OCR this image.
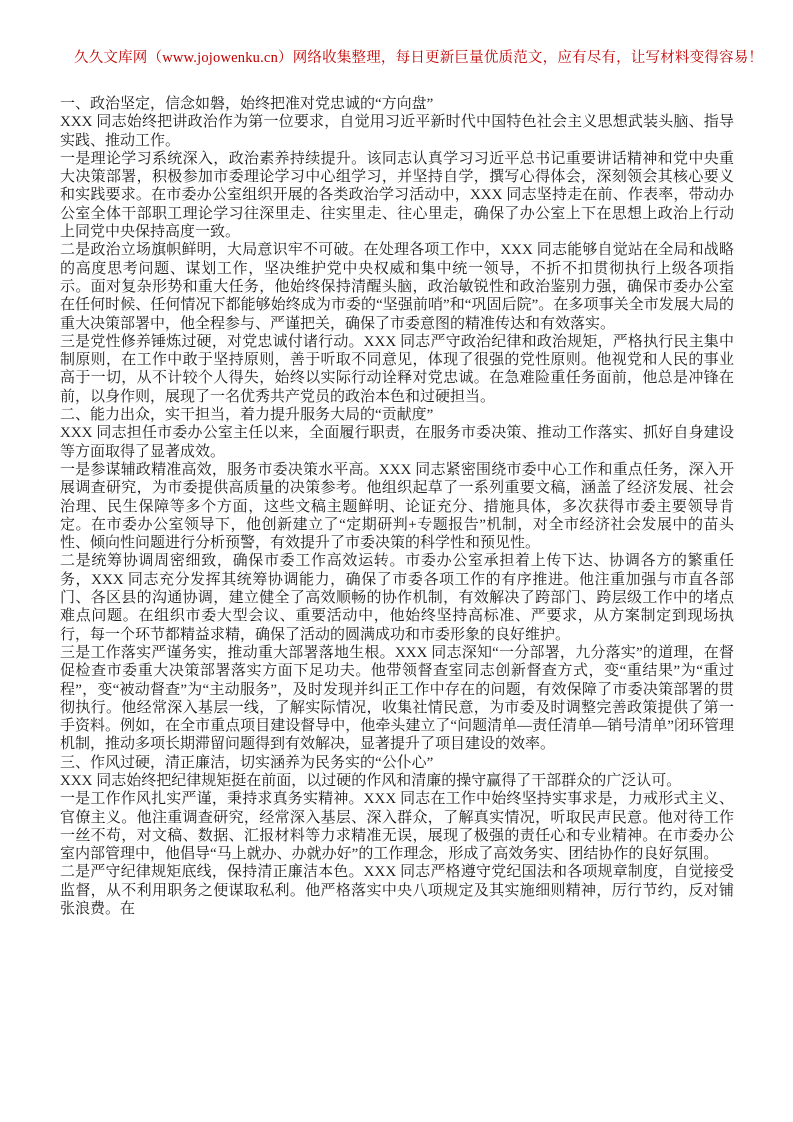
久久文库网（www.jojowenku.cn）网络收集整理，每日更新巨量优质范文，应有尽有，让写材料变得容易！

一、政治坚定，信念如磐，始终把准对党忠诚的“方向盘”

XXX 同志始终把讲政治作为第一位要求，自觉用习近平新时代中国特色社会主义思想武装头脑、指导实践、推动工作。

一是理论学习系统深入，政治素养持续提升。该同志认真学习习近平总书记重要讲话精神和党中央重大决策部署，积极参加市委理论学习中心组学习，并坚持自学，撰写心得体会，深刻领会其核心要义和实践要求。在市委办公室组织开展的各类政治学习活动中，XXX 同志坚持走在前、作表率，带动办公室全体干部职工理论学习往深里走、往实里走、往心里走，确保了办公室上下在思想上政治上行动上同党中央保持高度一致。

二是政治立场旗帜鲜明，大局意识牢不可破。在处理各项工作中，XXX 同志能够自觉站在全局和战略的高度思考问题、谋划工作，坚决维护党中央权威和集中统一领导，不折不扣贯彻执行上级各项指示。面对复杂形势和重大任务，他始终保持清醒头脑，政治敏锐性和政治鉴别力强，确保市委办公室在任何时候、任何情况下都能够始终成为市委的“坚强前哨”和“巩固后院”。在多项事关全市发展大局的重大决策部署中，他全程参与、严谨把关，确保了市委意图的精准传达和有效落实。

三是党性修养锤炼过硬，对党忠诚付诸行动。XXX 同志严守政治纪律和政治规矩，严格执行民主集中制原则，在工作中敢于坚持原则，善于听取不同意见，体现了很强的党性原则。他视党和人民的事业高于一切，从不计较个人得失，始终以实际行动诠释对党忠诚。在急难险重任务面前，他总是冲锋在前，以身作则，展现了一名优秀共产党员的政治本色和过硬担当。

二、能力出众，实干担当，着力提升服务大局的“贡献度”

XXX 同志担任市委办公室主任以来，全面履行职责，在服务市委决策、推动工作落实、抓好自身建设等方面取得了显著成效。

一是参谋辅政精准高效，服务市委决策水平高。XXX 同志紧密围绕市委中心工作和重点任务，深入开展调查研究，为市委提供高质量的决策参考。他组织起草了一系列重要文稿，涵盖了经济发展、社会治理、民生保障等多个方面，这些文稿主题鲜明、论证充分、措施具体，多次获得市委主要领导肯定。在市委办公室领导下，他创新建立了“定期研判+专题报告”机制，对全市经济社会发展中的苗头性、倾向性问题进行分析预警，有效提升了市委决策的科学性和预见性。

二是统筹协调周密细致，确保市委工作高效运转。市委办公室承担着上传下达、协调各方的繁重任务，XXX 同志充分发挥其统筹协调能力，确保了市委各项工作的有序推进。他注重加强与市直各部门、各区县的沟通协调，建立健全了高效顺畅的协作机制，有效解决了跨部门、跨层级工作中的堵点难点问题。在组织市委大型会议、重要活动中，他始终坚持高标准、严要求，从方案制定到现场执行，每一个环节都精益求精，确保了活动的圆满成功和市委形象的良好维护。

三是工作落实严谨务实，推动重大部署落地生根。XXX 同志深知“一分部署，九分落实”的道理，在督促检查市委重大决策部署落实方面下足功夫。他带领督查室同志创新督查方式，变“重结果”为“重过程”，变“被动督查”为“主动服务”，及时发现并纠正工作中存在的问题，有效保障了市委决策部署的贯彻执行。他经常深入基层一线，了解实际情况，收集社情民意，为市委及时调整完善政策提供了第一手资料。例如，在全市重点项目建设督导中，他牵头建立了“问题清单—责任清单—销号清单”闭环管理机制，推动多项长期滞留问题得到有效解决，显著提升了项目建设的效率。

三、作风过硬，清正廉洁，切实涵养为民务实的“公仆心”

XXX 同志始终把纪律规矩挺在前面，以过硬的作风和清廉的操守赢得了干部群众的广泛认可。

一是工作作风扎实严谨，秉持求真务实精神。XXX 同志在工作中始终坚持实事求是，力戒形式主义、官僚主义。他注重调查研究，经常深入基层、深入群众，了解真实情况，听取民声民意。他对待工作一丝不苟，对文稿、数据、汇报材料等力求精准无误，展现了极强的责任心和专业精神。在市委办公室内部管理中，他倡导“马上就办、办就办好”的工作理念，形成了高效务实、团结协作的良好氛围。

二是严守纪律规矩底线，保持清正廉洁本色。XXX 同志严格遵守党纪国法和各项规章制度，自觉接受监督，从不利用职务之便谋取私利。他严格落实中央八项规定及其实施细则精神，厉行节约，反对铺张浪费。在
